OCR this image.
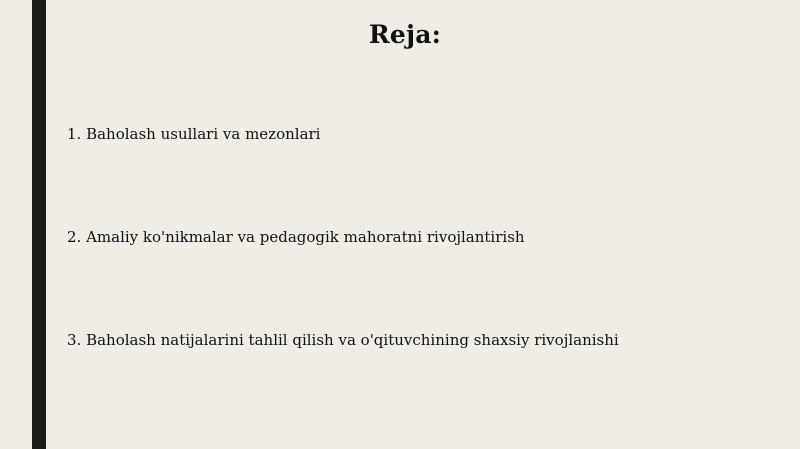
Reja:
1. Baholash usullari va mezonlari
2. Amaliy ko'nikmalar va pedagogik mahoratni rivojlantirish
3. Baholash natijalarini tahlil qilish va o'qituvchining shaxsiy rivojlanishi
